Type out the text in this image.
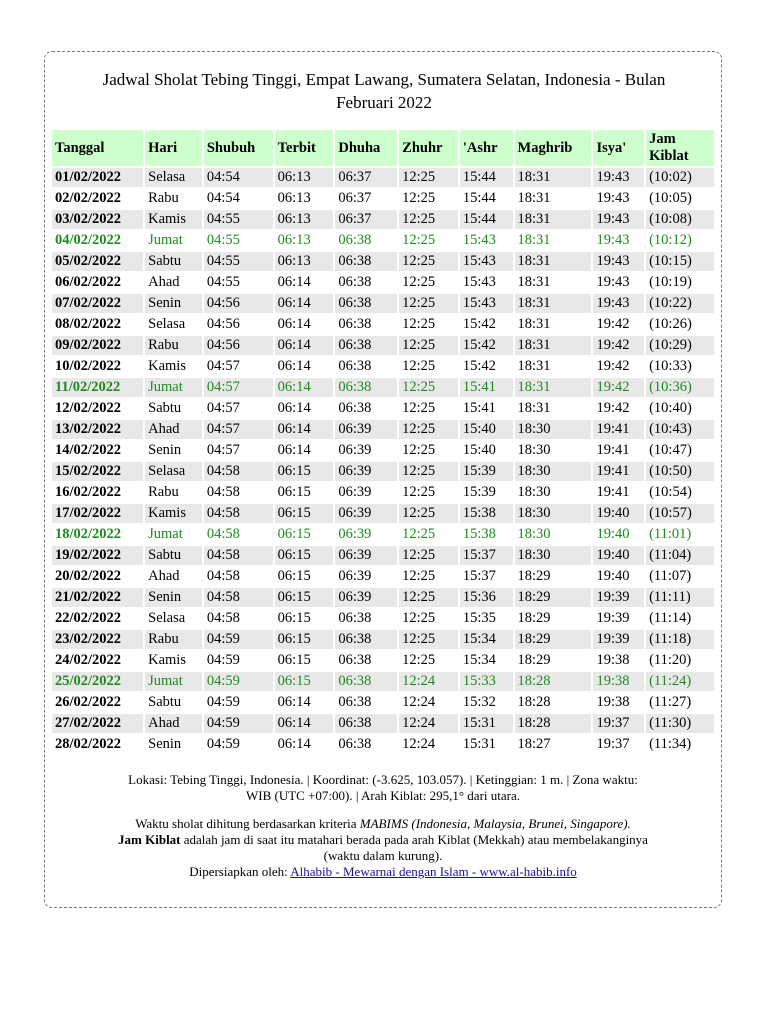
Jadwal Sholat Tebing Tinggi, Empat Lawang, Sumatera Selatan, Indonesia - Bulan
Februari 2022
Tanggal	Hari	Shubuh	Terbit	Dhuha	Zhuhr	'Ashr	Maghrib	Isya'	Jam Kiblat
01/02/2022	Selasa	04:54	06:13	06:37	12:25	15:44	18:31	19:43	(10:02)
02/02/2022	Rabu	04:54	06:13	06:37	12:25	15:44	18:31	19:43	(10:05)
03/02/2022	Kamis	04:55	06:13	06:37	12:25	15:44	18:31	19:43	(10:08)
04/02/2022	Jumat	04:55	06:13	06:38	12:25	15:43	18:31	19:43	(10:12)
05/02/2022	Sabtu	04:55	06:13	06:38	12:25	15:43	18:31	19:43	(10:15)
06/02/2022	Ahad	04:55	06:14	06:38	12:25	15:43	18:31	19:43	(10:19)
07/02/2022	Senin	04:56	06:14	06:38	12:25	15:43	18:31	19:43	(10:22)
08/02/2022	Selasa	04:56	06:14	06:38	12:25	15:42	18:31	19:42	(10:26)
09/02/2022	Rabu	04:56	06:14	06:38	12:25	15:42	18:31	19:42	(10:29)
10/02/2022	Kamis	04:57	06:14	06:38	12:25	15:42	18:31	19:42	(10:33)
11/02/2022	Jumat	04:57	06:14	06:38	12:25	15:41	18:31	19:42	(10:36)
12/02/2022	Sabtu	04:57	06:14	06:38	12:25	15:41	18:31	19:42	(10:40)
13/02/2022	Ahad	04:57	06:14	06:39	12:25	15:40	18:30	19:41	(10:43)
14/02/2022	Senin	04:57	06:14	06:39	12:25	15:40	18:30	19:41	(10:47)
15/02/2022	Selasa	04:58	06:15	06:39	12:25	15:39	18:30	19:41	(10:50)
16/02/2022	Rabu	04:58	06:15	06:39	12:25	15:39	18:30	19:41	(10:54)
17/02/2022	Kamis	04:58	06:15	06:39	12:25	15:38	18:30	19:40	(10:57)
18/02/2022	Jumat	04:58	06:15	06:39	12:25	15:38	18:30	19:40	(11:01)
19/02/2022	Sabtu	04:58	06:15	06:39	12:25	15:37	18:30	19:40	(11:04)
20/02/2022	Ahad	04:58	06:15	06:39	12:25	15:37	18:29	19:40	(11:07)
21/02/2022	Senin	04:58	06:15	06:39	12:25	15:36	18:29	19:39	(11:11)
22/02/2022	Selasa	04:58	06:15	06:38	12:25	15:35	18:29	19:39	(11:14)
23/02/2022	Rabu	04:59	06:15	06:38	12:25	15:34	18:29	19:39	(11:18)
24/02/2022	Kamis	04:59	06:15	06:38	12:25	15:34	18:29	19:38	(11:20)
25/02/2022	Jumat	04:59	06:15	06:38	12:24	15:33	18:28	19:38	(11:24)
26/02/2022	Sabtu	04:59	06:14	06:38	12:24	15:32	18:28	19:38	(11:27)
27/02/2022	Ahad	04:59	06:14	06:38	12:24	15:31	18:28	19:37	(11:30)
28/02/2022	Senin	04:59	06:14	06:38	12:24	15:31	18:27	19:37	(11:34)

Lokasi: Tebing Tinggi, Indonesia. | Koordinat: (-3.625, 103.057). | Ketinggian: 1 m. | Zona waktu:
WIB (UTC +07:00). | Arah Kiblat: 295,1° dari utara.

Waktu sholat dihitung berdasarkan kriteria MABIMS (Indonesia, Malaysia, Brunei, Singapore).

Jam Kiblat adalah jam di saat itu matahari berada pada arah Kiblat (Mekkah) atau membelakanginya
(waktu dalam kurung).

Dipersiapkan oleh: Alhabib - Mewarnai dengan Islam - www.al-habib.info
